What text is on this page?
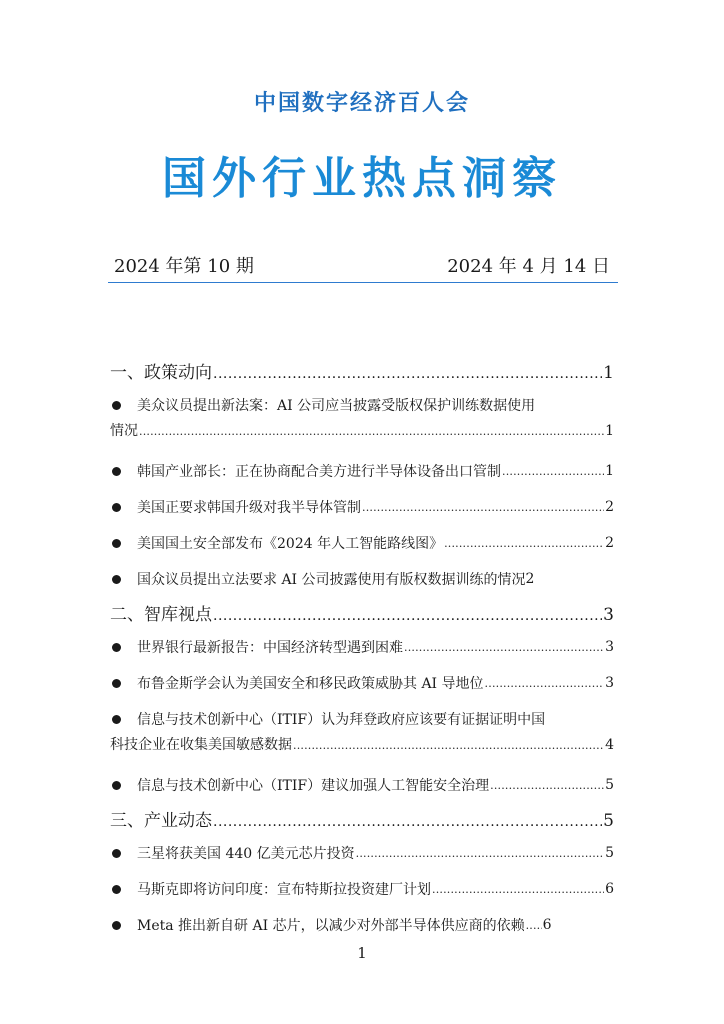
中国数字经济百人会
国外行业热点洞察
2024 年第 10 期	2024 年 4 月 14 日
一、政策动向 .....	1
美众议员提出新法案：AI 公司应当披露受版权保护训练数据使用
情况 .....	1
韩国产业部长：正在协商配合美方进行半导体设备出口管制 .....	1
美国正要求韩国升级对我半导体管制 .....	2
美国国土安全部发布《2024 年人工智能路线图》 .....	2
国众议员提出立法要求 AI 公司披露使用有版权数据训练的情况 2
二、智库视点 .....	3
世界银行最新报告：中国经济转型遇到困难 .....	3
布鲁金斯学会认为美国安全和移民政策威胁其 AI 导地位 .....	3
信息与技术创新中心（ITIF）认为拜登政府应该要有证据证明中国
科技企业在收集美国敏感数据 .....	4
信息与技术创新中心（ITIF）建议加强人工智能安全治理 .....	5
三、产业动态 .....	5
三星将获美国 440 亿美元芯片投资 .....	5
马斯克即将访问印度：宣布特斯拉投资建厂计划 .....	6
Meta 推出新自研 AI 芯片，以减少对外部半导体供应商的依赖 ..... 6
1
